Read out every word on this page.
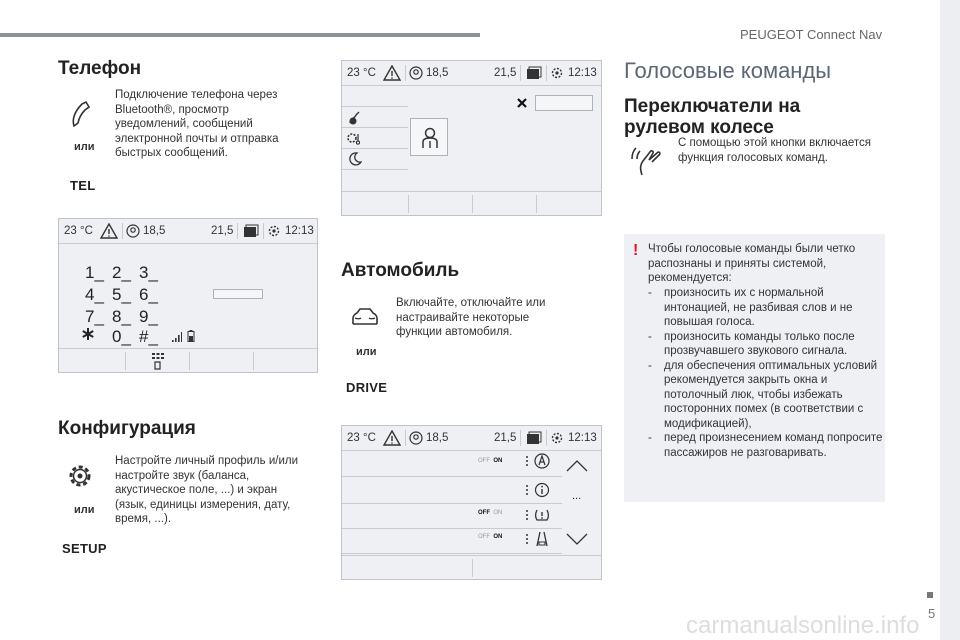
PEUGEOT Connect Nav
5
carmanualsonline.info
Телефон
или
TEL
Подключение телефона через Bluetooth®, просмотр уведомлений, сообщений электронной почты и отправка быстрых сообщений.
23 °C	18,5	21,5	12:13
1_ 2_ 3_
4_ 5_ 6_
7_ 8_ 9_
0_ #_
Конфигурация
или
SETUP
Настройте личный профиль и/или настройте звук (баланса, акустическое поле, ...) и экран (язык, единицы измерения, дату, время, ...).
23 °C	18,5	21,5	12:13
Автомобиль
или
DRIVE
Включайте, отключайте или настраивайте некоторые функции автомобиля.
23 °C	18,5	21,5	12:13
OFF ON
OFF ON
OFF ON
...
Голосовые команды
Переключатели на рулевом колесе
С помощью этой кнопки включается функция голосовых команд.
! Чтобы голосовые команды были четко распознаны и приняты системой, рекомендуется:

- произносить их с нормальной интонацией, не разбивая слов и не повышая голоса.
- произносить команды только после прозвучавшего звукового сигнала.
- для обеспечения оптимальных условий рекомендуется закрыть окна и потолочный люк, чтобы избежать посторонних помех (в соответствии с модификацией),
- перед произнесением команд попросите пассажиров не разговаривать.
